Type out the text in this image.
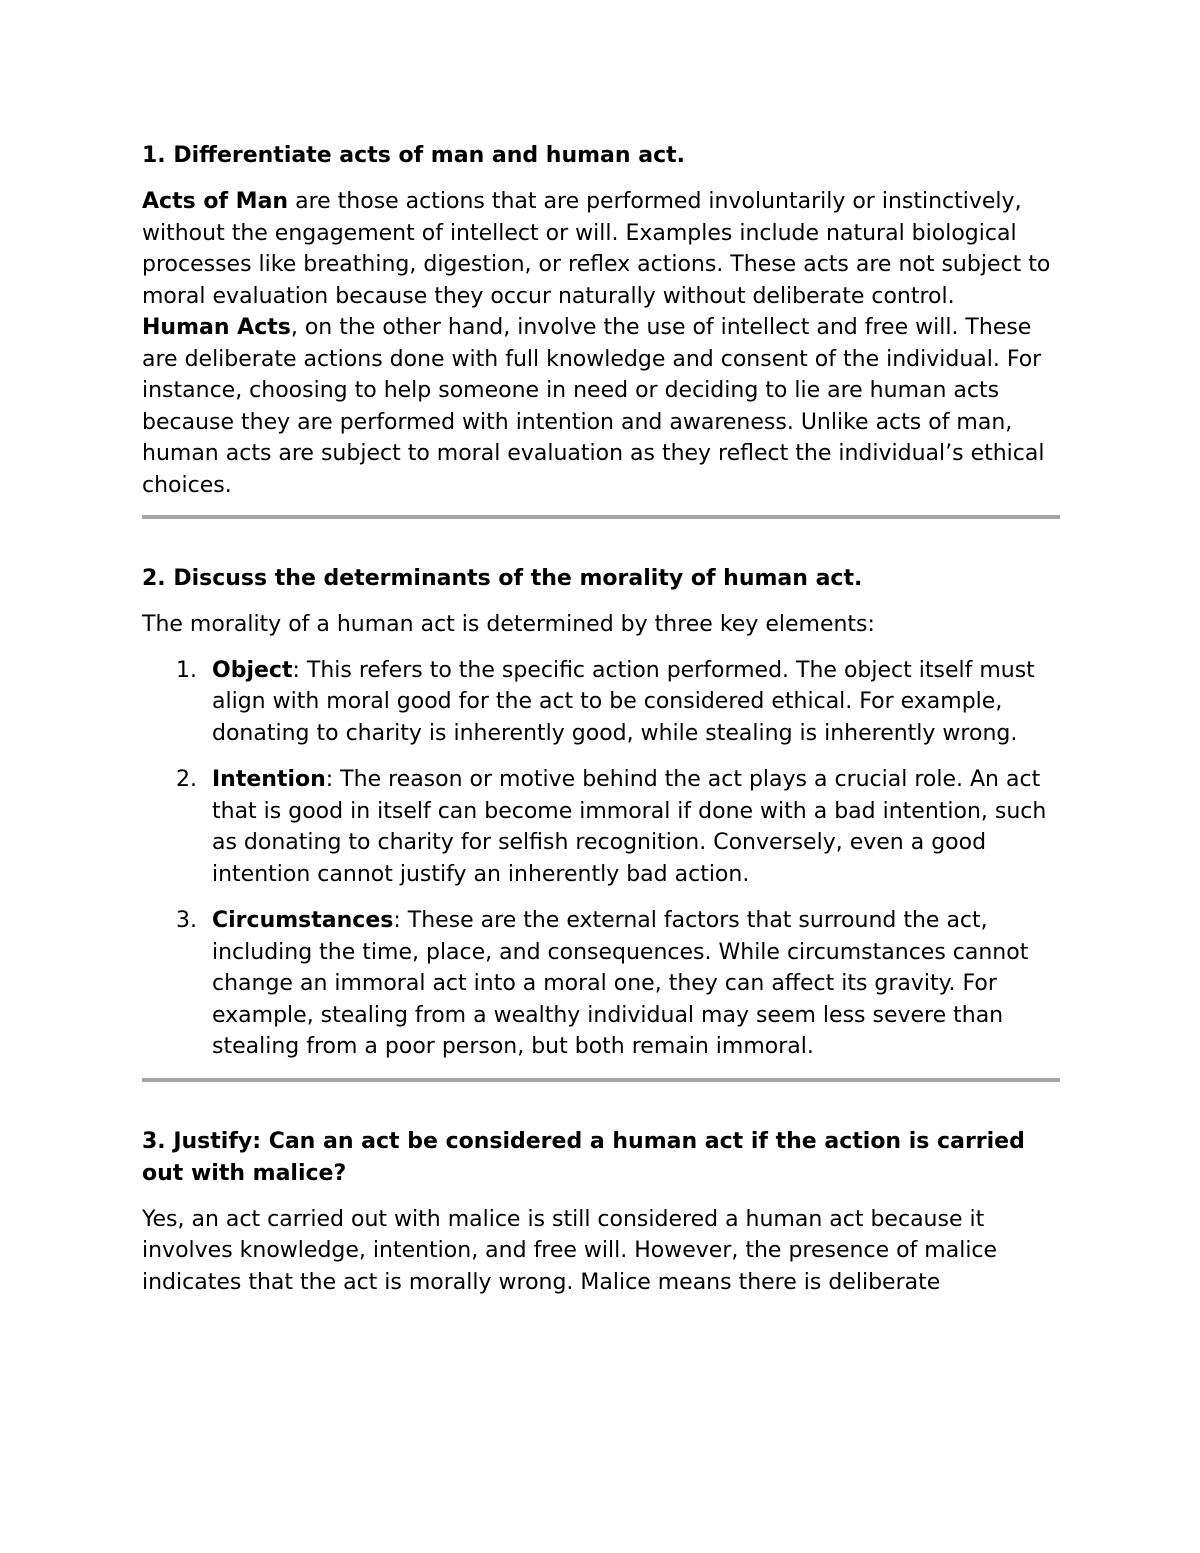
1. Differentiate acts of man and human act.

Acts of Man are those actions that are performed involuntarily or instinctively, without the engagement of intellect or will. Examples include natural biological processes like breathing, digestion, or reflex actions. These acts are not subject to moral evaluation because they occur naturally without deliberate control.

Human Acts, on the other hand, involve the use of intellect and free will. These are deliberate actions done with full knowledge and consent of the individual. For instance, choosing to help someone in need or deciding to lie are human acts because they are performed with intention and awareness. Unlike acts of man, human acts are subject to moral evaluation as they reflect the individual’s ethical choices.

2. Discuss the determinants of the morality of human act.

The morality of a human act is determined by three key elements:

1. Object: This refers to the specific action performed. The object itself must align with moral good for the act to be considered ethical. For example, donating to charity is inherently good, while stealing is inherently wrong.
2. Intention: The reason or motive behind the act plays a crucial role. An act that is good in itself can become immoral if done with a bad intention, such as donating to charity for selfish recognition. Conversely, even a good intention cannot justify an inherently bad action.
3. Circumstances: These are the external factors that surround the act, including the time, place, and consequences. While circumstances cannot change an immoral act into a moral one, they can affect its gravity. For example, stealing from a wealthy individual may seem less severe than stealing from a poor person, but both remain immoral.
3. Justify: Can an act be considered a human act if the action is carried out with malice?

Yes, an act carried out with malice is still considered a human act because it involves knowledge, intention, and free will. However, the presence of malice indicates that the act is morally wrong. Malice means there is deliberate
